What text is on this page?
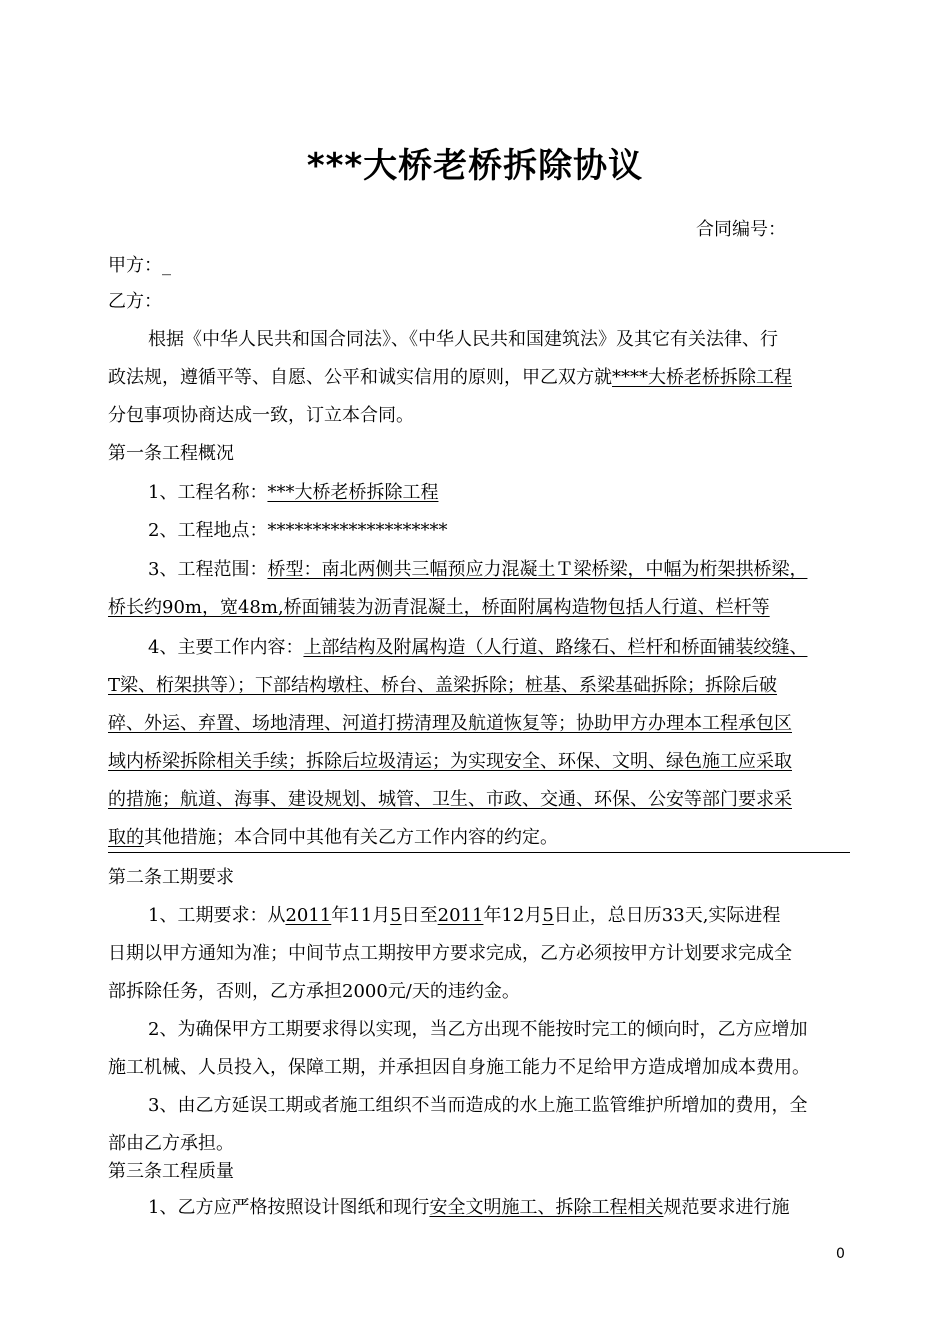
***大桥老桥拆除协议
合同编号：
甲方：_
乙方：
根据《中华人民共和国合同法》、《中华人民共和国建筑法》及其它有关法律、行
政法规，遵循平等、自愿、公平和诚实信用的原则，甲乙双方就****大桥老桥拆除工程
分包事项协商达成一致，订立本合同。
第一条工程概况
1、工程名称：***大桥老桥拆除工程
2、工程地点：********************
3、工程范围：桥型：南北两侧共三幅预应力混凝土Ｔ梁桥梁，中幅为桁架拱桥梁，
桥长约90m，宽48m,桥面铺装为沥青混凝土，桥面附属构造物包括人行道、栏杆等
4、主要工作内容：上部结构及附属构造（人行道、路缘石、栏杆和桥面铺装绞缝、
T梁、桁架拱等）；下部结构墩柱、桥台、盖梁拆除；桩基、系梁基础拆除；拆除后破
碎、外运、弃置、场地清理、河道打捞清理及航道恢复等；协助甲方办理本工程承包区
域内桥梁拆除相关手续；拆除后垃圾清运；为实现安全、环保、文明、绿色施工应采取
的措施；航道、海事、建设规划、城管、卫生、市政、交通、环保、公安等部门要求采
取的其他措施；本合同中其他有关乙方工作内容的约定。
第二条工期要求
1、工期要求：从2011年11月5日至2011年12月5日止，总日历33天,实际进程
日期以甲方通知为准；中间节点工期按甲方要求完成，乙方必须按甲方计划要求完成全
部拆除任务，否则，乙方承担2000元/天的违约金。
2、为确保甲方工期要求得以实现，当乙方出现不能按时完工的倾向时，乙方应增加
施工机械、人员投入，保障工期，并承担因自身施工能力不足给甲方造成增加成本费用。
3、由乙方延误工期或者施工组织不当而造成的水上施工监管维护所增加的费用，全
部由乙方承担。
第三条工程质量
1、乙方应严格按照设计图纸和现行安全文明施工、拆除工程相关规范要求进行施
0
